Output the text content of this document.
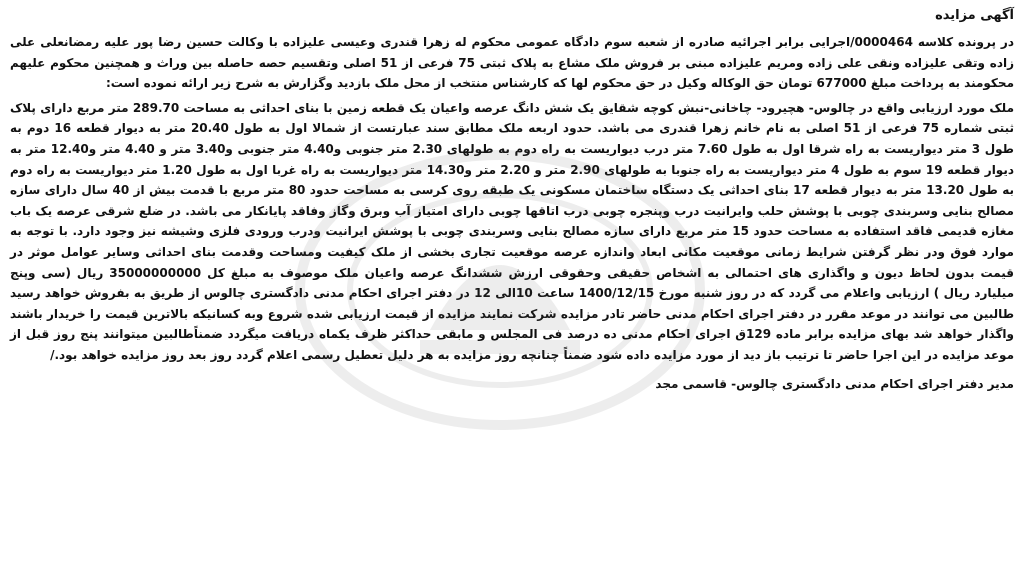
آگهی مزایده

در پرونده کلاسه 0000464/اجرایی برابر اجرائیه صادره از شعبه سوم دادگاه عمومی محکوم له زهرا قندری وعیسی علیزاده با وکالت حسین رضا پور علیه رمضانعلی علی زاده وتقی علیزاده ونقی علی زاده ومریم علیزاده مبنی بر فروش ملک مشاع به پلاک ثبتی 75 فرعی از 51 اصلی وتقسیم حصه حاصله بین وراث و همچنین محکوم علیهم محکومند به پرداخت مبلغ 677000 تومان حق الوکاله وکیل در حق محکوم لها که کارشناس منتخب از محل ملک بازدید وگزارش به شرح زیر ارائه نموده است:

ملک مورد ارزیابی واقع در چالوس- هچیرود- چاخانی-نبش کوچه شقایق یک شش دانگ عرصه واعیان یک قطعه زمین با بنای احداثی به مساحت 289.70 متر مربع دارای پلاک ثبتی شماره 75 فرعی از 51 اصلی به نام خانم زهرا قندری می باشد. حدود اربعه ملک مطابق سند عبارتست از شمالا اول به طول 20.40 متر به دیوار قطعه 16 دوم به طول 3 متر دیواریست به راه شرقا اول به طول 7.60 متر درب دیواریست به راه دوم به طولهای 2.30 متر جنوبی و4.40 متر جنوبی و3.40 متر و 4.40 متر و12.40 متر به دیوار قطعه 19 سوم به طول 4 متر دیواریست به راه جنوبا به طولهای 2.90 متر و 2.20 متر و14.30 متر دیواریست به راه غربا اول به طول 1.20 متر دیواریست به راه دوم به طول 13.20 متر به دیوار قطعه 17 بنای احداثی یک دستگاه ساختمان مسکونی یک طبقه روی کرسی به مساحت حدود 80 متر مربع با قدمت بیش از 40 سال دارای سازه مصالح بنایی وسربندی چوبی با پوشش حلب وایرانیت درب وپنجره چوبی درب اتاقها چوبی دارای امتیاز آب وبرق وگاز وفاقد پایانکار می باشد. در ضلع شرقی عرصه یک باب مغازه قدیمی فاقد استفاده به مساحت حدود 15 متر مربع دارای سازه مصالح بنایی وسربندی چوبی با پوشش ایرانیت ودرب ورودی فلزی وشیشه نیز وجود دارد. با توجه به موارد فوق ودر نظر گرفتن شرایط زمانی موقعیت مکانی ابعاد واندازه عرصه موقعیت تجاری بخشی از ملک کیفیت ومساحت وقدمت بنای احداثی وسایر عوامل موثر در قیمت بدون لحاظ دیون و واگذاری های احتمالی به اشخاص حقیقی وحقوقی ارزش ششدانگ عرصه واعیان ملک موصوف به مبلغ کل 35000000000 ریال (سی وپنج میلیارد ریال ) ارزیابی واعلام می گردد که در روز شنبه مورخ 1400/12/15 ساعت 10الی 12 در دفتر اجرای احکام مدنی دادگستری چالوس از طریق به بفروش خواهد رسید طالبین می توانند در موعد مقرر در دفتر اجرای احکام مدنی حاضر تادر مزایده شرکت نمایند مزایده از قیمت ارزیابی شده شروع وبه کسانیکه بالاترین قیمت را خریدار باشند واگذار خواهد شد بهای مزایده برابر ماده 129ق اجرای احکام مدنی ده درصد فی المجلس و مابقی حداکثر ظرف یکماه دریافت میگردد ضمناًطالبین میتوانند پنج روز قبل از موعد مزایده در این اجرا حاضر تا ترتیب باز دید از مورد مزایده داده شود ضمناً چنانچه روز مزایده به هر دلیل تعطیل رسمی اعلام گردد روز بعد روز مزایده خواهد بود./

مدیر دفتر اجرای احکام مدنی دادگستری چالوس- قاسمی مجد
